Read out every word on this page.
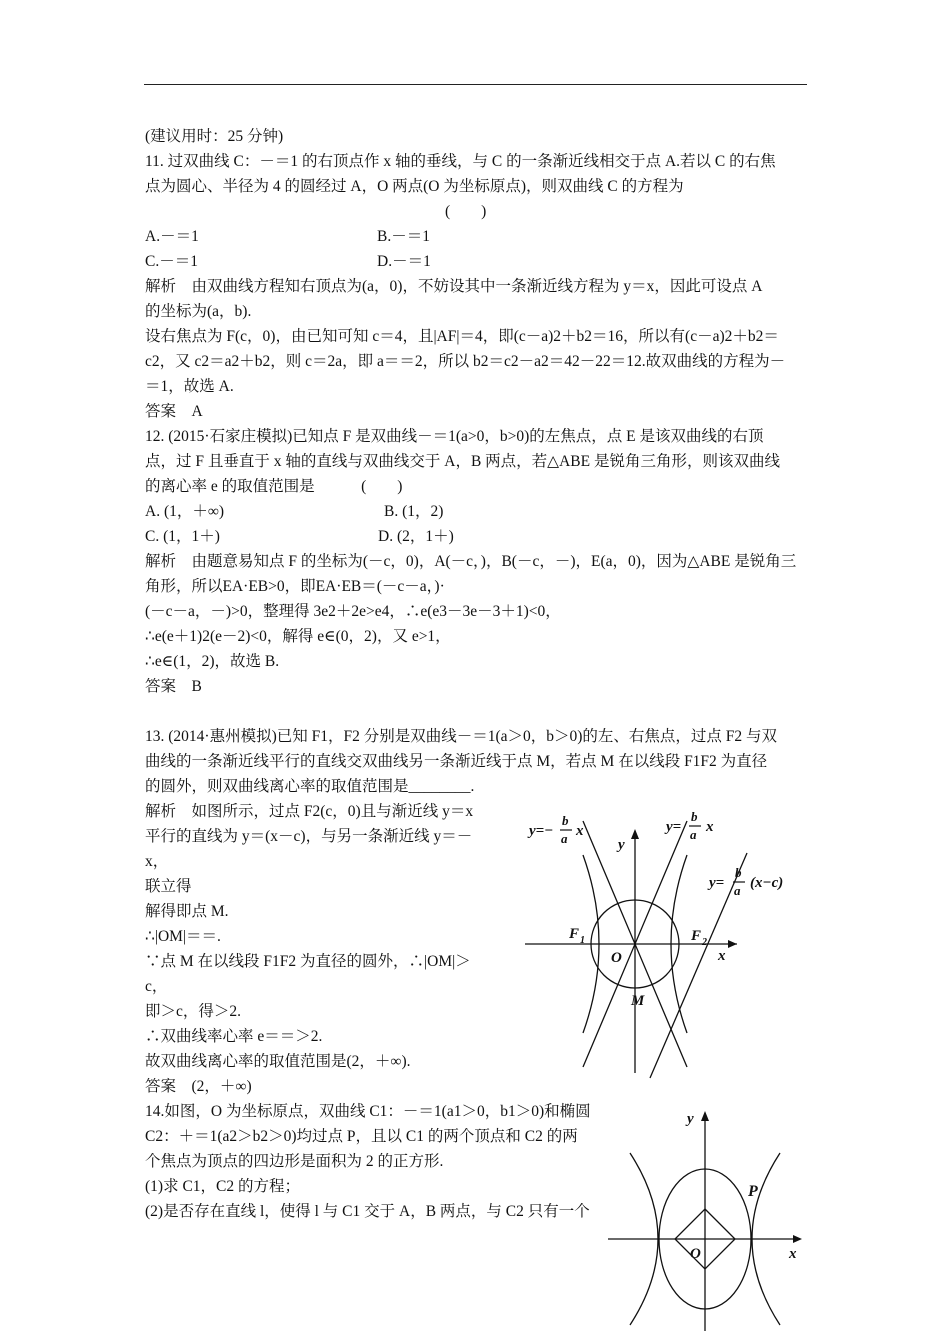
(建议用时：25 分钟)
11. 过双曲线 C：－＝1 的右顶点作 x 轴的垂线，与 C 的一条渐近线相交于点 A.若以 C 的右焦
点为圆心、半径为 4 的圆经过 A，O 两点(O 为坐标原点)，则双曲线 C 的方程为
(　　)
A.－＝1	B.－＝1
C.－＝1	D.－＝1
解析　由双曲线方程知右顶点为(a，0)，不妨设其中一条渐近线方程为 y＝x，因此可设点 A
的坐标为(a，b).
设右焦点为 F(c，0)，由已知可知 c＝4，且|AF|＝4，即(c－a)2＋b2＝16，所以有(c－a)2＋b2＝
c2，又 c2＝a2＋b2，则 c＝2a，即 a＝＝2，所以 b2＝c2－a2＝42－22＝12.故双曲线的方程为－
＝1，故选 A.
答案　A
12. (2015·石家庄模拟)已知点 F 是双曲线－＝1(a>0，b>0)的左焦点，点 E 是该双曲线的右顶
点，过 F 且垂直于 x 轴的直线与双曲线交于 A，B 两点，若△ABE 是锐角三角形，则该双曲线
的离心率 e 的取值范围是　　　(　　)
A. (1，＋∞)	B. (1，2)
C. (1，1＋)	D. (2，1＋)
解析　由题意易知点 F 的坐标为(－c，0)，A(－c，)，B(－c，－)，E(a，0)，因为△ABE 是锐角三
角形，所以EA·EB>0，即EA·EB＝(－c－a，)·
(－c－a，－)>0，整理得 3e2＋2e>e4，∴e(e3－3e－3＋1)<0，
∴e(e＋1)2(e－2)<0，解得 e∈(0，2)，又 e>1，
∴e∈(1，2)，故选 B.
答案　B
13. (2014·惠州模拟)已知 F1，F2 分别是双曲线－＝1(a＞0，b＞0)的左、右焦点，过点 F2 与双
曲线的一条渐近线平行的直线交双曲线另一条渐近线于点 M，若点 M 在以线段 F1F2 为直径
的圆外，则双曲线离心率的取值范围是________.
解析　如图所示，过点 F2(c，0)且与渐近线 y＝x
平行的直线为 y＝(x－c)，与另一条渐近线 y＝－
x，
联立得
解得即点 M.
∴|OM|＝＝.
∵点 M 在以线段 F1F2 为直径的圆外，∴|OM|＞
c，
即＞c，得＞2.
∴双曲线率心率 e＝＝＞2.
故双曲线离心率的取值范围是(2，＋∞).
答案　(2，＋∞)
y=−
b
a x	y=
b
a x
y=
b
a (x−c)
y
x
O
F 1	F 2
M
14.如图，O 为坐标原点，双曲线 C1：－＝1(a1＞0，b1＞0)和椭圆
C2：＋＝1(a2＞b2＞0)均过点 P，且以 C1 的两个顶点和 C2 的两
个焦点为顶点的四边形是面积为 2 的正方形.
(1)求 C1，C2 的方程；
(2)是否存在直线 l，使得 l 与 C1 交于 A，B 两点，与 C2 只有一个
y
x
O
P
